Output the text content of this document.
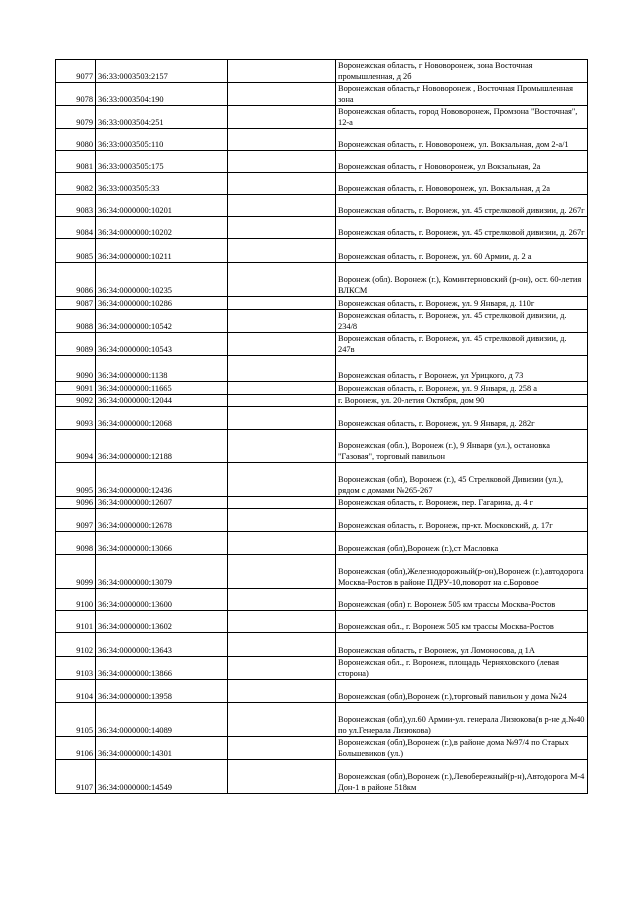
9077	36:33:0003503:2157		Воронежская область, г Нововоронеж, зона Восточная промышленная, д 2б
9078	36:33:0003504:190		Воронежская область,г Нововоронеж , Восточная Промышленная зона
9079	36:33:0003504:251		Воронежская область, город Нововоронеж, Промзона "Восточная", 12-а
9080	36:33:0003505:110		Воронежская область, г. Нововоронеж, ул. Вокзальная, дом 2-а/1
9081	36:33:0003505:175		Воронежская область, г Нововоронеж, ул Вокзальная, 2а
9082	36:33:0003505:33		Воронежская область, г. Нововоронеж, ул. Вокзальная, д 2а
9083	36:34:0000000:10201		Воронежская область, г. Воронеж, ул. 45 стрелковой дивизии, д. 267г
9084	36:34:0000000:10202		Воронежская область, г. Воронеж, ул. 45 стрелковой дивизии, д. 267г
9085	36:34:0000000:10211		Воронежская область, г. Воронеж, ул. 60 Армии, д. 2 а
9086	36:34:0000000:10235		Воронеж (обл). Воронеж (г.), Коминтерновский (р-он), ост. 60-летия ВЛКСМ
9087	36:34:0000000:10286		Воронежская область, г. Воронеж, ул. 9 Января, д. 110г
9088	36:34:0000000:10542		Воронежская область, г. Воронеж, ул. 45 стрелковой дивизии, д. 234/8
9089	36:34:0000000:10543		Воронежская область, г. Воронеж, ул. 45 стрелковой дивизии, д. 247в
9090	36:34:0000000:1138		Воронежская область, г Воронеж, ул Урицкого, д 73
9091	36:34:0000000:11665		Воронежская область, г. Воронеж, ул. 9 Января, д. 258 а
9092	36:34:0000000:12044		г. Воронеж, ул. 20-летия Октября, дом 90
9093	36:34:0000000:12068		Воронежская область, г. Воронеж, ул. 9 Января, д. 282г
9094	36:34:0000000:12188		Воронежская (обл.), Воронеж (г.), 9 Января (ул.), остановка "Газовая", торговый павильон
9095	36:34:0000000:12436		Воронежская (обл), Воронеж (г.), 45 Стрелковой Дивизии (ул.), рядом с домами №265-267
9096	36:34:0000000:12607		Воронежская область, г. Воронеж, пер. Гагарина, д. 4 г
9097	36:34:0000000:12678		Воронежская область, г. Воронеж, пр-кт. Московский, д. 17г
9098	36:34:0000000:13066		Воронежская (обл),Воронеж (г.),ст Масловка
9099	36:34:0000000:13079		Воронежская (обл),Железнодорожный(р-он),Воронеж (г.),автодорога Москва-Ростов в районе ПДРУ-10,поворот на с.Боровое
9100	36:34:0000000:13600		Воронежская (обл) г. Воронеж 505 км трассы Москва-Ростов
9101	36:34:0000000:13602		Воронежская обл., г. Воронеж 505 км трассы Москва-Ростов
9102	36:34:0000000:13643		Воронежская область, г Воронеж, ул Ломоносова, д 1А
9103	36:34:0000000:13866		Воронежская обл., г. Воронеж, площадь Черняховского (левая сторона)
9104	36:34:0000000:13958		Воронежская (обл),Воронеж (г.),торговый павильон у дома №24
9105	36:34:0000000:14089		Воронежская (обл),ул.60 Армии-ул. генерала Лизюкова(в р-не д.№40 по ул.Генерала Лизюкова)
9106	36:34:0000000:14301		Воронежская (обл),Воронеж (г.),в районе дома №97/4 по Старых Большевиков (ул.)
9107	36:34:0000000:14549		Воронежская (обл),Воронеж (г.),Левобережный(р-н),Автодорога М-4 Дон-1 в районе 518км
